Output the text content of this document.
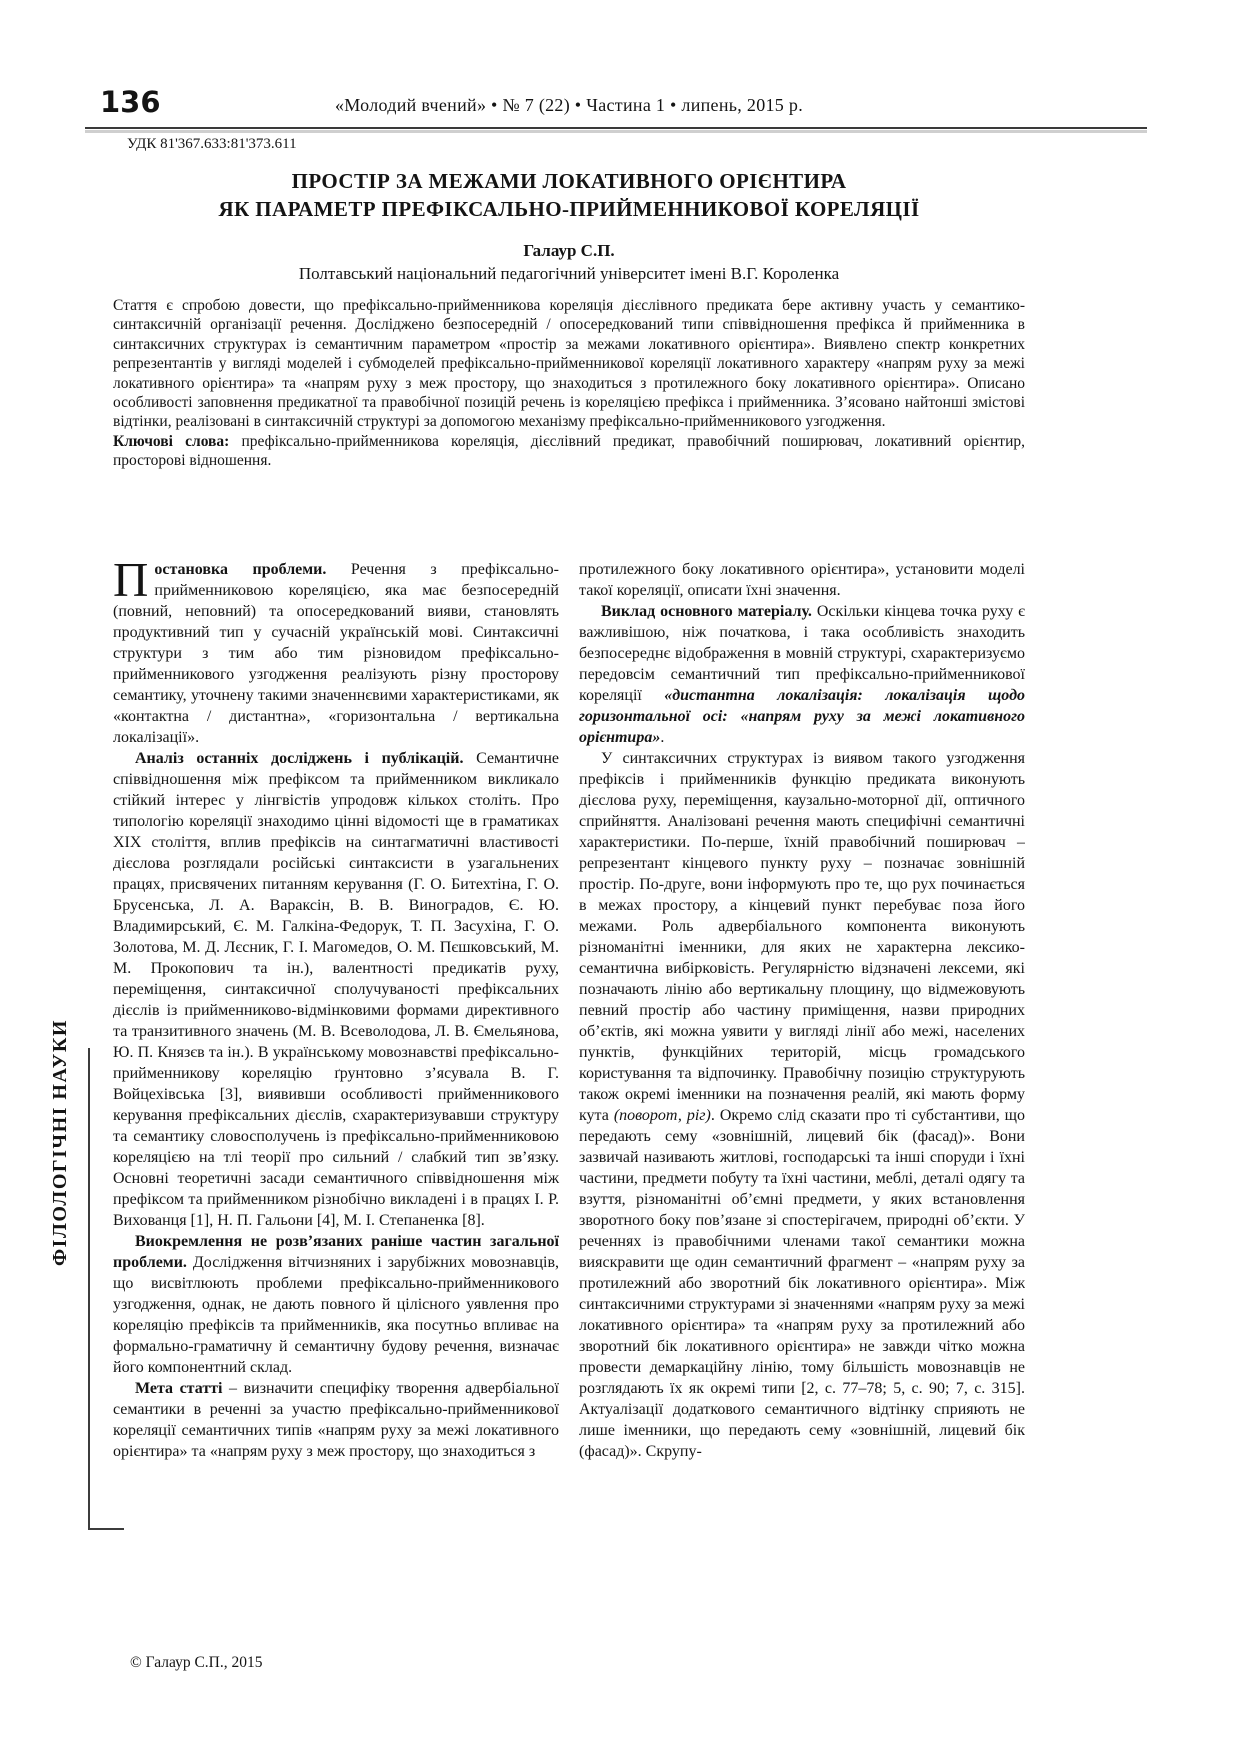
136	«Молодий вчений» • № 7 (22) • Частина 1 • липень, 2015 р.
УДК 81'367.633:81'373.611
ПРОСТІР ЗА МЕЖАМИ ЛОКАТИВНОГО ОРІЄНТИРА
ЯК ПАРАМЕТР ПРЕФІКСАЛЬНО-ПРИЙМЕННИКОВОЇ КОРЕЛЯЦІЇ
Галаур С.П.
Полтавський національний педагогічний університет імені В.Г. Короленка

Стаття є спробою довести, що префіксально-прийменникова кореляція дієслівного предиката бере активну участь у семантико-синтаксичній організації речення. Досліджено безпосередній / опосередкований типи співвідношення префікса й прийменника в синтаксичних структурах із семантичним параметром «простір за межами локативного орієнтира». Виявлено спектр конкретних репрезентантів у вигляді моделей і субмоделей префіксально-прийменникової кореляції локативного характеру «напрям руху за межі локативного орієнтира» та «напрям руху з меж простору, що знаходиться з протилежного боку локативного орієнтира». Описано особливості заповнення предикатної та правобічної позицій речень із кореляцією префікса і прийменника. З’ясовано найтонші змістові відтінки, реалізовані в синтаксичній структурі за допомогою механізму префіксально-прийменникового узгодження.

Ключові слова: префіксально-прийменникова кореляція, дієслівний предикат, правобічний поширювач, локативний орієнтир, просторові відношення.

Постановка проблеми. Речення з префіксально-прийменниковою кореляцією, яка має безпосередній (повний, неповний) та опосередкований вияви, становлять продуктивний тип у сучасній українській мові. Синтаксичні структури з тим або тим різновидом префіксально-прийменникового узгодження реалізують різну просторову семантику, уточнену такими значеннєвими характеристиками, як «контактна / дистантна», «горизонтальна / вертикальна локалізації».

Аналіз останніх досліджень і публікацій. Семантичне співвідношення між префіксом та прийменником викликало стійкий інтерес у лінгвістів упродовж кількох століть. Про типологію кореляції знаходимо цінні відомості ще в граматиках XIX століття, вплив префіксів на синтагматичні властивості дієслова розглядали російські синтаксисти в узагальнених працях, присвячених питанням керування (Г. О. Битехтіна, Г. О. Брусенська, Л. А. Вараксін, В. В. Виноградов, Є. Ю. Владимирський, Є. М. Галкіна-Федорук, Т. П. Засухіна, Г. О. Золотова, М. Д. Лєсник, Г. І. Магомедов, О. М. Пєшковський, М. М. Прокопович та ін.), валентності предикатів руху, переміщення, синтаксичної сполучуваності префіксальних дієслів із прийменниково-відмінковими формами директивного та транзитивного значень (М. В. Всеволодова, Л. В. Ємельянова, Ю. П. Князєв та ін.). В українському мовознавстві префіксально-прийменникову кореляцію ґрунтовно з’ясувала В. Г. Войцехівська [3], виявивши особливості прийменникового керування префіксальних дієслів, схарактеризувавши структуру та семантику словосполучень із префіксально-прийменниковою кореляцією на тлі теорії про сильний / слабкий тип зв’язку. Основні теоретичні засади семантичного співвідношення між префіксом та прийменником різнобічно викладені і в працях І. Р. Вихованця [1], Н. П. Гальони [4], М. І. Степаненка [8].

Виокремлення не розв’язаних раніше частин загальної проблеми. Дослідження вітчизняних і зарубіжних мовознавців, що висвітлюють проблеми префіксально-прийменникового узгодження, однак, не дають повного й цілісного уявлення про кореляцію префіксів та прийменників, яка посутньо впливає на формально-граматичну й семантичну будову речення, визначає його компонентний склад.

Мета статті – визначити специфіку творення адвербіальної семантики в реченні за участю префіксально-прийменникової кореляції семантичних типів «напрям руху за межі локативного орієнтира» та «напрям руху з меж простору, що знаходиться з

протилежного боку локативного орієнтира», установити моделі такої кореляції, описати їхні значення.

Виклад основного матеріалу. Оскільки кінцева точка руху є важливішою, ніж початкова, і така особливість знаходить безпосереднє відображення в мовній структурі, схарактеризуємо передовсім семантичний тип префіксально-прийменникової кореляції «дистантна локалізація: локалізація щодо горизонтальної осі: «напрям руху за межі локативного орієнтира».

У синтаксичних структурах із виявом такого узгодження префіксів і прийменників функцію предиката виконують дієслова руху, переміщення, каузально-моторної дії, оптичного сприйняття. Аналізовані речення мають специфічні семантичні характеристики. По-перше, їхній правобічний поширювач – репрезентант кінцевого пункту руху – позначає зовнішній простір. По-друге, вони інформують про те, що рух починається в межах простору, а кінцевий пункт перебуває поза його межами. Роль адвербіального компонента виконують різноманітні іменники, для яких не характерна лексико-семантична вибірковість. Регулярністю відзначені лексеми, які позначають лінію або вертикальну площину, що відмежовують певний простір або частину приміщення, назви природних об’єктів, які можна уявити у вигляді лінії або межі, населених пунктів, функційних територій, місць громадського користування та відпочинку. Правобічну позицію структурують також окремі іменники на позначення реалій, які мають форму кута (поворот, ріг). Окремо слід сказати про ті субстантиви, що передають сему «зовнішній, лицевий бік (фасад)». Вони зазвичай називають житлові, господарські та інші споруди і їхні частини, предмети побуту та їхні частини, меблі, деталі одягу та взуття, різноманітні об’ємні предмети, у яких встановлення зворотного боку пов’язане зі спостерігачем, природні об’єкти. У реченнях із правобічними членами такої семантики можна вияскравити ще один семантичний фрагмент – «напрям руху за протилежний або зворотний бік локативного орієнтира». Між синтаксичними структурами зі значеннями «напрям руху за межі локативного орієнтира» та «напрям руху за протилежний або зворотний бік локативного орієнтира» не завжди чітко можна провести демаркаційну лінію, тому більшість мовознавців не розглядають їх як окремі типи [2, с. 77–78; 5, с. 90; 7, с. 315]. Актуалізації додаткового семантичного відтінку сприяють не лише іменники, що передають сему «зовнішній, лицевий бік (фасад)». Скрупу-

ФІЛОЛОГІЧНІ НАУКИ
© Галаур С.П., 2015
